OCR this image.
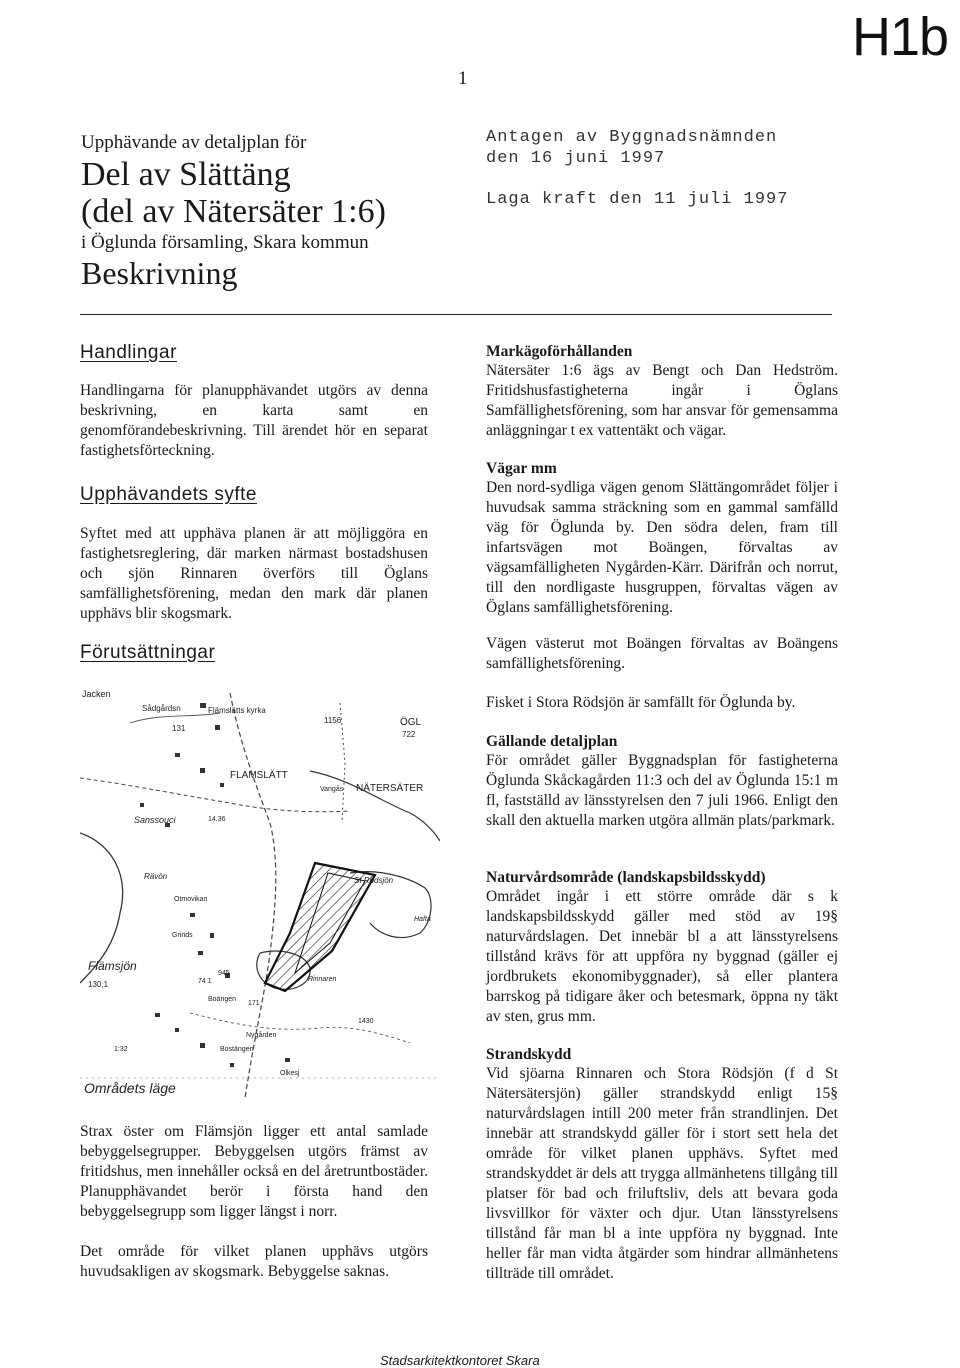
H1b
1
Upphävande av detaljplan för
Del av Slättäng
(del av Nätersäter 1:6)
i Öglunda församling, Skara kommun
Beskrivning
Antagen av Byggnadsnämnden
den 16 juni 1997
Laga kraft den 11 juli 1997
Handlingar
Handlingarna för planupphävandet utgörs av denna beskrivning, en karta samt en genomförandebeskrivning. Till ärendet hör en separat fastighetsförteckning.
Upphävandets syfte
Syftet med att upphäva planen är att möjliggöra en fastighetsreglering, där marken närmast bostadshusen och sjön Rinnaren överförs till Öglans samfällighetsförening, medan den mark där planen upphävs blir skogsmark.
Förutsättningar
Jacken
Sådgårdsn	Flämslätts kyrka
1156	ÖGL
722
131
FLAMSLÄTT
Vangås NÄTERSÄTER
14.36
Sanssouci
Rävön	St Rödsjön
Otmovikan
Hafta
Grinds
Flämsjön
945
74 1	Rinnaren
130,1
Boängen
171
1430
Nygården
Bostängen
1:32
Olkesj
Områdets läge
Strax öster om Flämsjön ligger ett antal samlade bebyggelsegrupper. Bebyggelsen utgörs främst av fritidshus, men innehåller också en del åretruntbostäder. Planupphävandet berör i första hand den bebyggelsegrupp som ligger längst i norr.
Det område för vilket planen upphävs utgörs huvudsakligen av skogsmark. Bebyggelse saknas.
Markägoförhållanden
Nätersäter 1:6 ägs av Bengt och Dan Hedström. Fritidshusfastigheterna ingår i Öglans Samfällighetsförening, som har ansvar för gemensamma anläggningar t ex vattentäkt och vägar.
Vägar mm
Den nord-sydliga vägen genom Slättängområdet följer i huvudsak samma sträckning som en gammal samfälld väg för Öglunda by. Den södra delen, fram till infartsvägen mot Boängen, förvaltas av vägsamfälligheten Nygården-Kärr. Därifrån och norrut, till den nordligaste husgruppen, förvaltas vägen av Öglans samfällighetsförening.
Vägen västerut mot Boängen förvaltas av Boängens samfällighetsförening.
Fisket i Stora Rödsjön är samfällt för Öglunda by.
Gällande detaljplan
För området gäller Byggnadsplan för fastigheterna Öglunda Skåckagården 11:3 och del av Öglunda 15:1 m fl, fastställd av länsstyrelsen den 7 juli 1966. Enligt den skall den aktuella marken utgöra allmän plats/parkmark.
Naturvårdsområde (landskapsbildsskydd)
Området ingår i ett större område där s k landskapsbildsskydd gäller med stöd av 19§ naturvårdslagen. Det innebär bl a att länsstyrelsens tillstånd krävs för att uppföra ny byggnad (gäller ej jordbrukets ekonomibyggnader), så eller plantera barrskog på tidigare åker och betesmark, öppna ny täkt av sten, grus mm.
Strandskydd
Vid sjöarna Rinnaren och Stora Rödsjön (f d St Nätersätersjön) gäller strandskydd enligt 15§ naturvårdslagen intill 200 meter från strandlinjen. Det innebär att strandskydd gäller för i stort sett hela det område för vilket planen upphävs. Syftet med strandskyddet är dels att trygga allmänhetens tillgång till platser för bad och friluftsliv, dels att bevara goda livsvillkor för växter och djur. Utan länsstyrelsens tillstånd får man bl a inte uppföra ny byggnad. Inte heller får man vidta åtgärder som hindrar allmänhetens tillträde till området.
Stadsarkitektkontoret Skara
